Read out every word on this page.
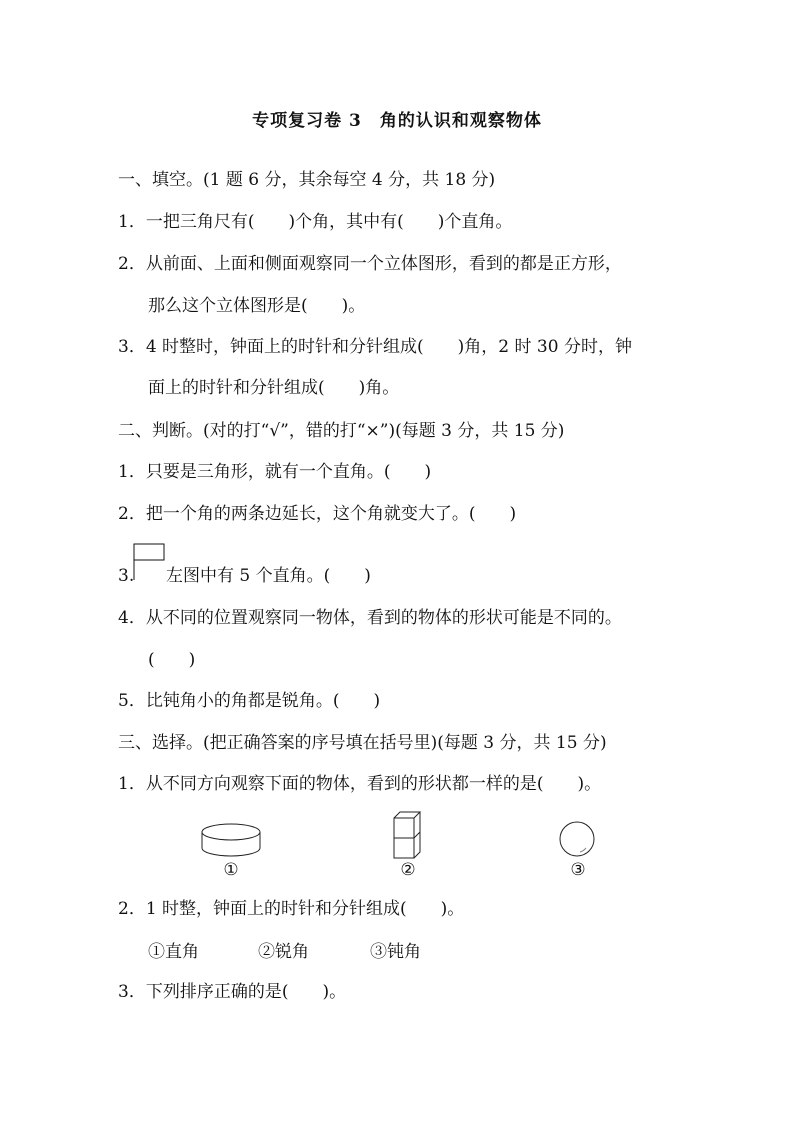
专项复习卷 3　角的认识和观察物体
一、填空。(1 题 6 分，其余每空 4 分，共 18 分)
1．一把三角尺有(　　)个角，其中有(　　)个直角。
2．从前面、上面和侧面观察同一个立体图形，看到的都是正方形，
那么这个立体图形是(　　)。
3．4 时整时，钟面上的时针和分针组成(　　)角，2 时 30 分时，钟
面上的时针和分针组成(　　)角。
二、判断。(对的打“√”，错的打“×”)(每题 3 分，共 15 分)
1．只要是三角形，就有一个直角。(　　)
2．把一个角的两条边延长，这个角就变大了。(　　)
3. 左图中有 5 个直角。(　　)
4．从不同的位置观察同一物体，看到的物体的形状可能是不同的。
(　　)
5．比钝角小的角都是锐角。(　　)
三、选择。(把正确答案的序号填在括号里)(每题 3 分，共 15 分)
1．从不同方向观察下面的物体，看到的形状都一样的是(　　)。
①	②	③
2．1 时整，钟面上的时针和分针组成(　　)。
①直角	②锐角	③钝角
3．下列排序正确的是(　　)。
